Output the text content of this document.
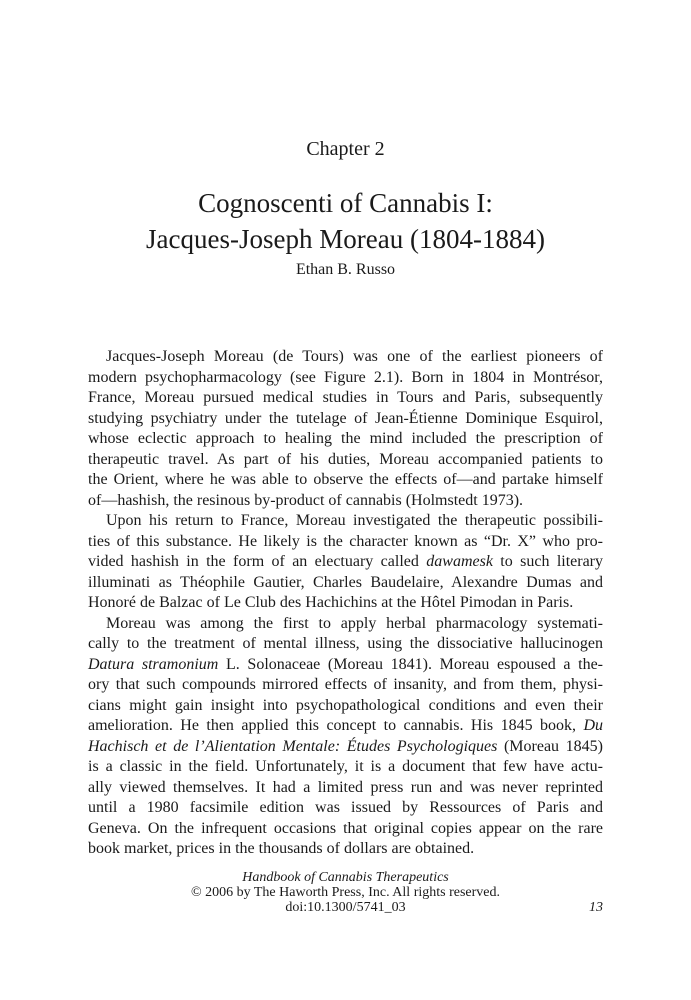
Chapter 2
Cognoscenti of Cannabis I:
Jacques-Joseph Moreau (1804-1884)
Ethan B. Russo
Jacques-Joseph Moreau (de Tours) was one of the earliest pioneers of
modern psychopharmacology (see Figure 2.1). Born in 1804 in Montrésor,
France, Moreau pursued medical studies in Tours and Paris, subsequently
studying psychiatry under the tutelage of Jean-Étienne Dominique Esquirol,
whose eclectic approach to healing the mind included the prescription of
therapeutic travel. As part of his duties, Moreau accompanied patients to
the Orient, where he was able to observe the effects of—and partake himself
of—hashish, the resinous by-product of cannabis (Holmstedt 1973).
Upon his return to France, Moreau investigated the therapeutic possibili-
ties of this substance. He likely is the character known as “Dr. X” who pro-
vided hashish in the form of an electuary called dawamesk to such literary
illuminati as Théophile Gautier, Charles Baudelaire, Alexandre Dumas and
Honoré de Balzac of Le Club des Hachichins at the Hôtel Pimodan in Paris.
Moreau was among the first to apply herbal pharmacology systemati-
cally to the treatment of mental illness, using the dissociative hallucinogen
Datura stramonium L. Solonaceae (Moreau 1841). Moreau espoused a the-
ory that such compounds mirrored effects of insanity, and from them, physi-
cians might gain insight into psychopathological conditions and even their
amelioration. He then applied this concept to cannabis. His 1845 book, Du
Hachisch et de l’Alientation Mentale: Études Psychologiques (Moreau 1845)
is a classic in the field. Unfortunately, it is a document that few have actu-
ally viewed themselves. It had a limited press run and was never reprinted
until a 1980 facsimile edition was issued by Ressources of Paris and
Geneva. On the infrequent occasions that original copies appear on the rare
book market, prices in the thousands of dollars are obtained.
Handbook of Cannabis Therapeutics
© 2006 by The Haworth Press, Inc. All rights reserved.
doi:10.1300/5741_03	13
